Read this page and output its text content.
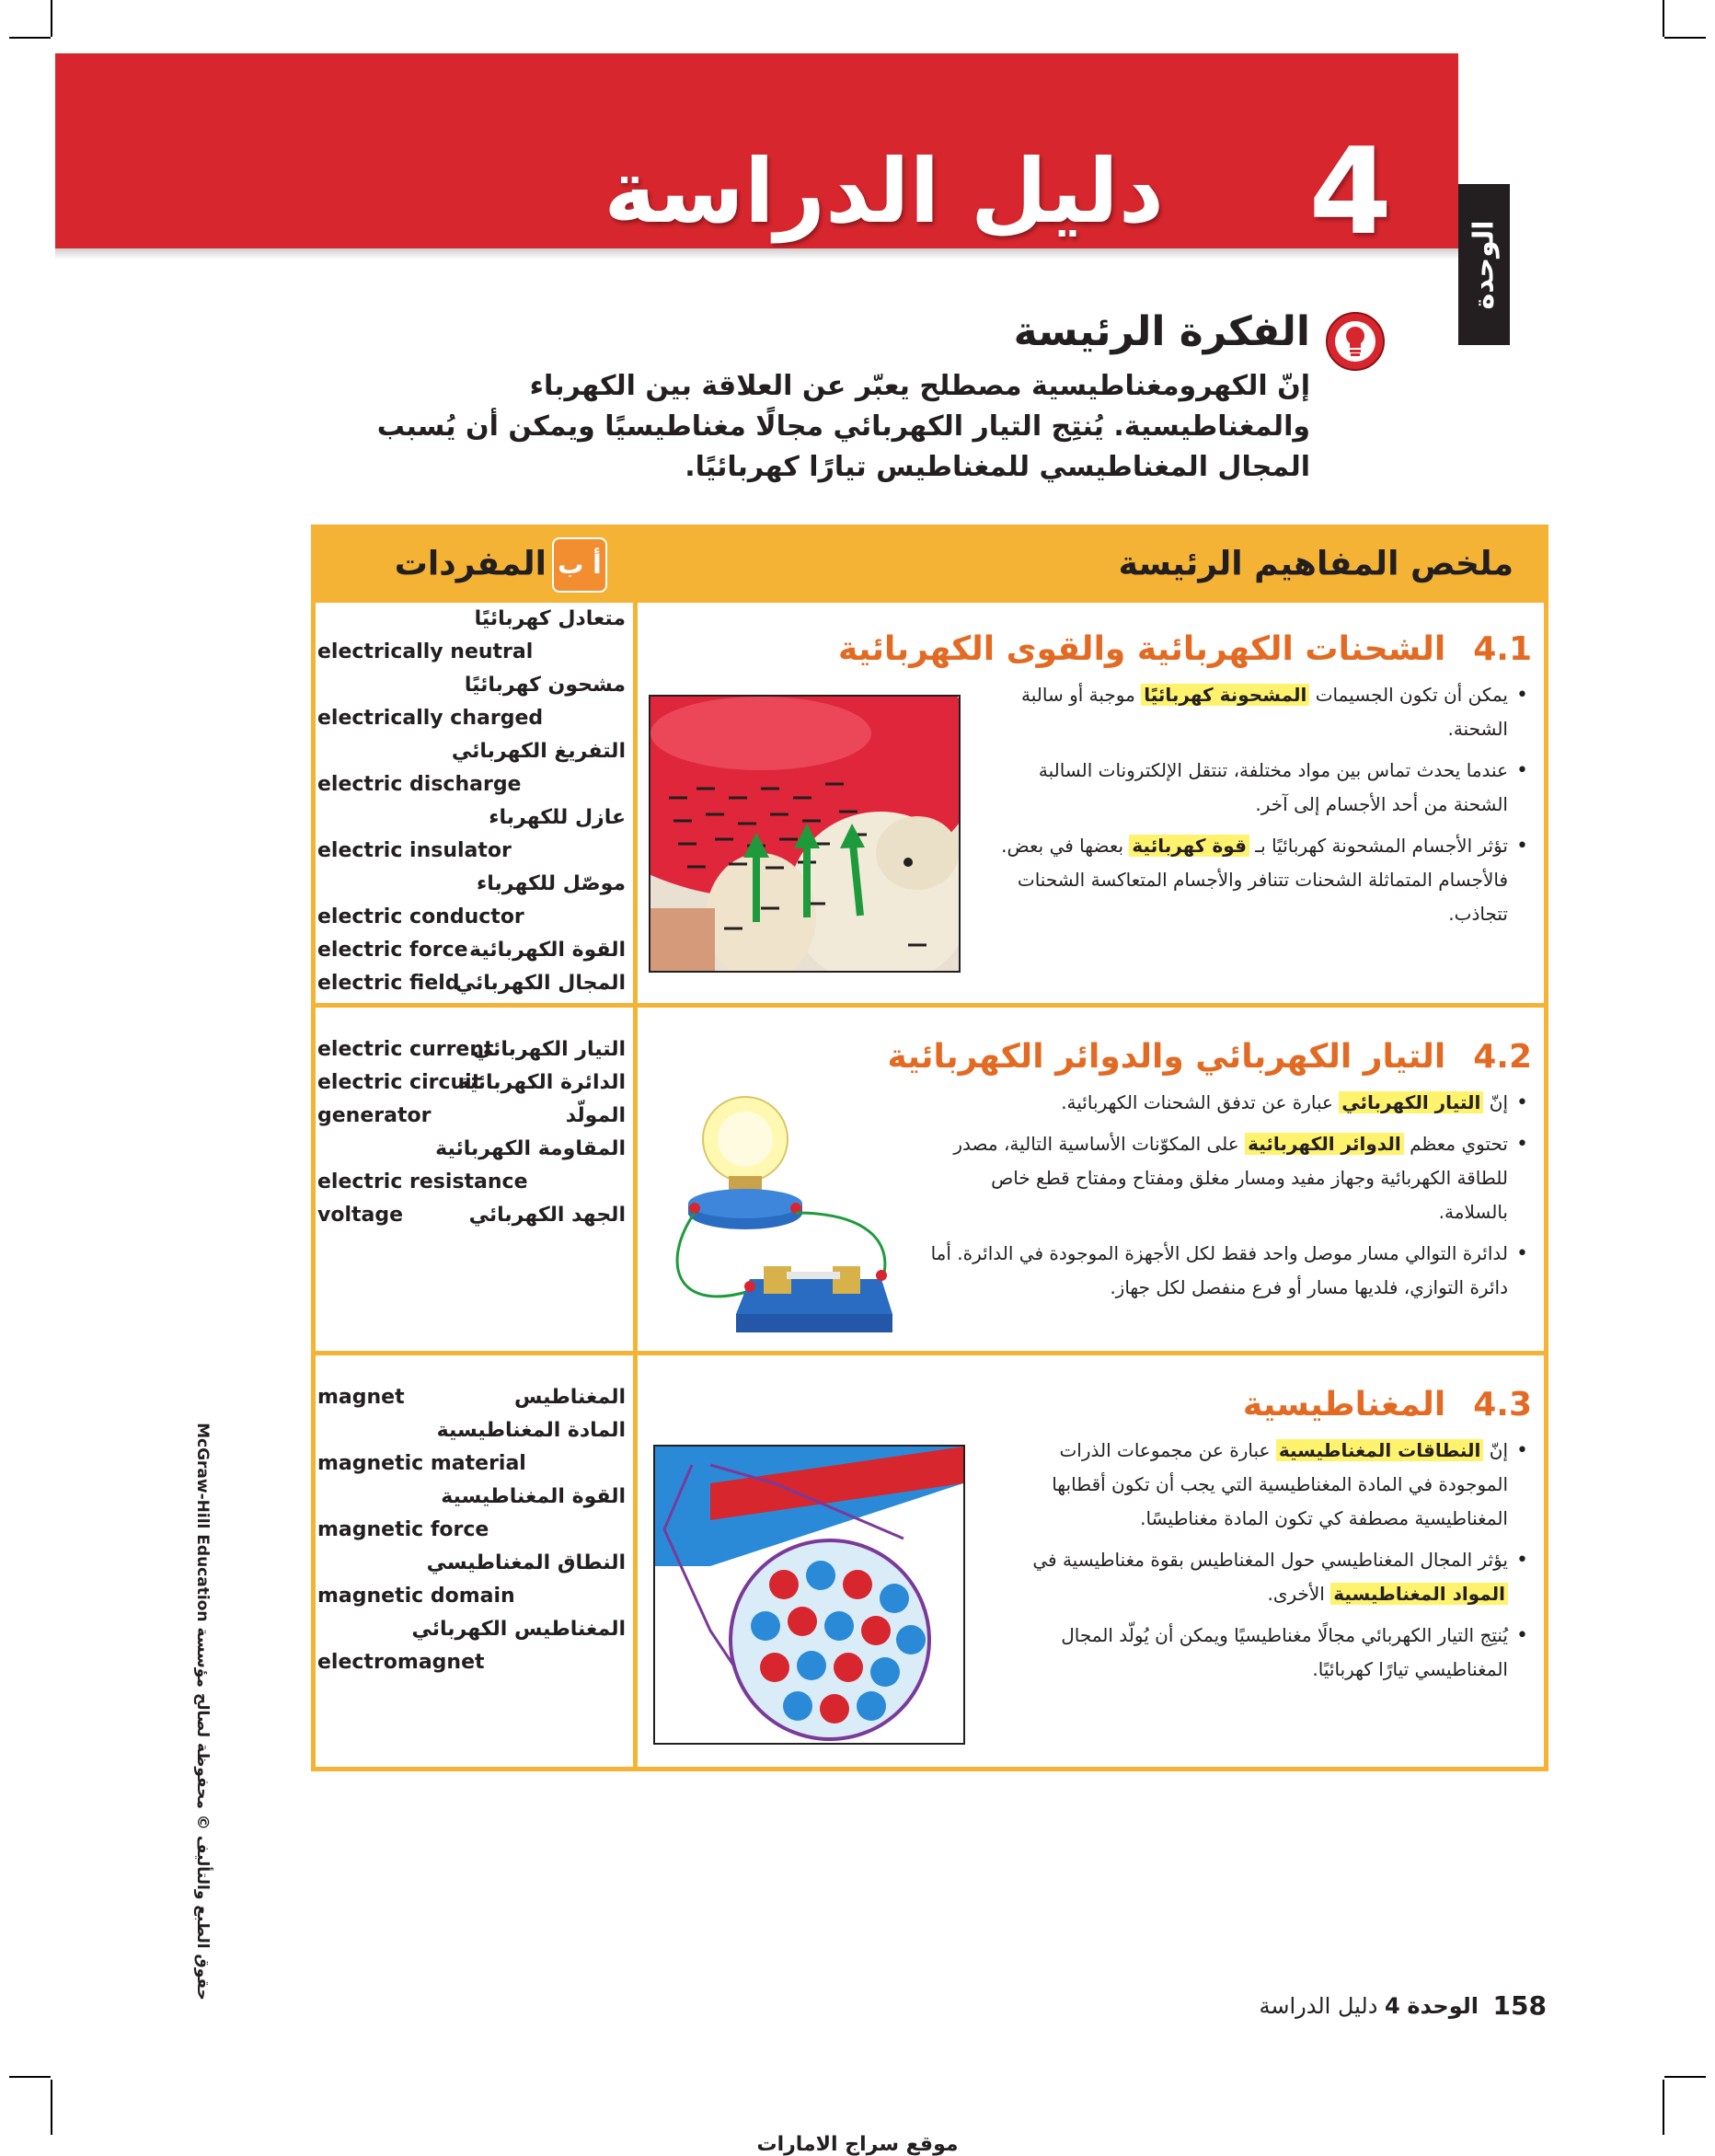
4
دليل الدراسة
الوحدة
الفكرة الرئيسة

إنّ الكهرومغناطيسية مصطلح يعبّر عن العلاقة بين الكهرباء والمغناطيسية. يُنتِج التيار الكهربائي مجالًا مغناطيسيًا ويمكن أن يُسبب المجال المغناطيسي للمغناطيس تيارًا كهربائيًا.

ملخص المفاهيم الرئيسة
أ ب
المفردات
متعادل كهربائيًا
electrically neutral
مشحون كهربائيًا
electrically charged
التفريغ الكهربائي
electric discharge
عازل للكهرباء
electric insulator
موصّل للكهرباء
electric conductor
القوة الكهربائية
electric force
المجال الكهربائي
electric field
التيار الكهربائي
electric current
الدائرة الكهربائية
electric circuit
المولّد
generator
المقاومة الكهربائية
electric resistance
الجهد الكهربائي
voltage
المغناطيس
magnet
المادة المغناطيسية
magnetic material
القوة المغناطيسية
magnetic force
النطاق المغناطيسي
magnetic domain
المغناطيس الكهربائي
electromagnet
4.1الشحنات الكهربائية والقوى الكهربائية
• يمكن أن تكون الجسيمات المشحونة كهربائيًا موجبة أو سالبة الشحنة.
• عندما يحدث تماس بين مواد مختلفة، تنتقل الإلكترونات السالبة الشحنة من أحد الأجسام إلى آخر.
• تؤثر الأجسام المشحونة كهربائيًا بـ قوة كهربائية بعضها في بعض. فالأجسام المتماثلة الشحنات تتنافر والأجسام المتعاكسة الشحنات تتجاذب.
4.2التيار الكهربائي والدوائر الكهربائية
• إنّ التيار الكهربائي عبارة عن تدفق الشحنات الكهربائية.
• تحتوي معظم الدوائر الكهربائية على المكوّنات الأساسية التالية، مصدر للطاقة الكهربائية وجهاز مفيد ومسار مغلق ومفتاح ومفتاح قطع خاص بالسلامة.
• لدائرة التوالي مسار موصل واحد فقط لكل الأجهزة الموجودة في الدائرة. أما دائرة التوازي، فلديها مسار أو فرع منفصل لكل جهاز.
4.3المغناطيسية
• إنّ النطاقات المغناطيسية عبارة عن مجموعات الذرات الموجودة في المادة المغناطيسية التي يجب أن تكون أقطابها المغناطيسية مصطفة كي تكون المادة مغناطيسًا.
• يؤثر المجال المغناطيسي حول المغناطيس بقوة مغناطيسية في المواد المغناطيسية الأخرى.
• يُنتِج التيار الكهربائي مجالًا مغناطيسيًا ويمكن أن يُولّد المجال المغناطيسي تيارًا كهربائيًا.
حقوق الطبع والتأليف © محفوظة لصالح مؤسسة McGraw-Hill Education
158
الوحدة 4 دليل الدراسة
موقع سراج الامارات
